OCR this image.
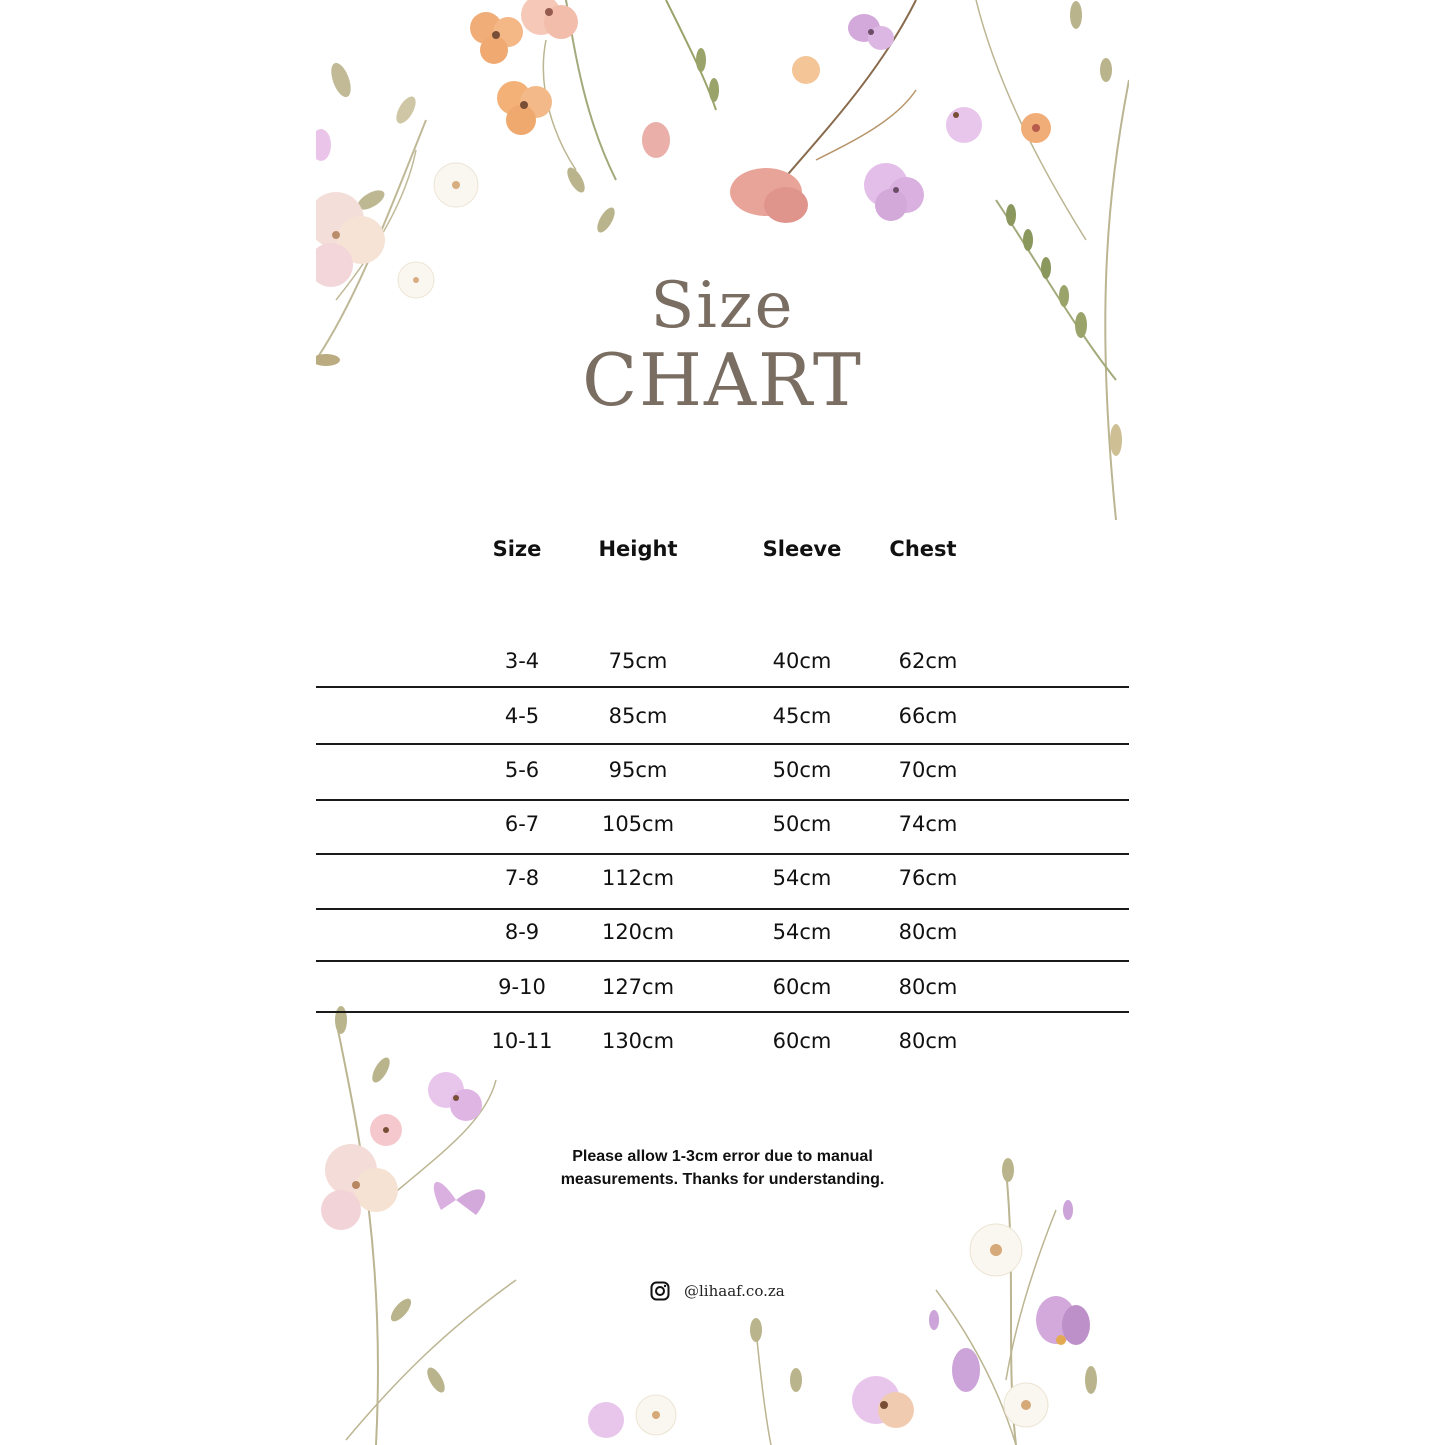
Size
CHART
Size	Height	Sleeve	Chest
3-4	75cm	40cm	62cm
4-5	85cm	45cm	66cm
5-6	95cm	50cm	70cm
6-7	105cm	50cm	74cm
7-8	112cm	54cm	76cm
8-9	120cm	54cm	80cm
9-10	127cm	60cm	80cm
10-11	130cm	60cm	80cm
Please allow 1-3cm error due to manual
measurements. Thanks for understanding.
@lihaaf.co.za
